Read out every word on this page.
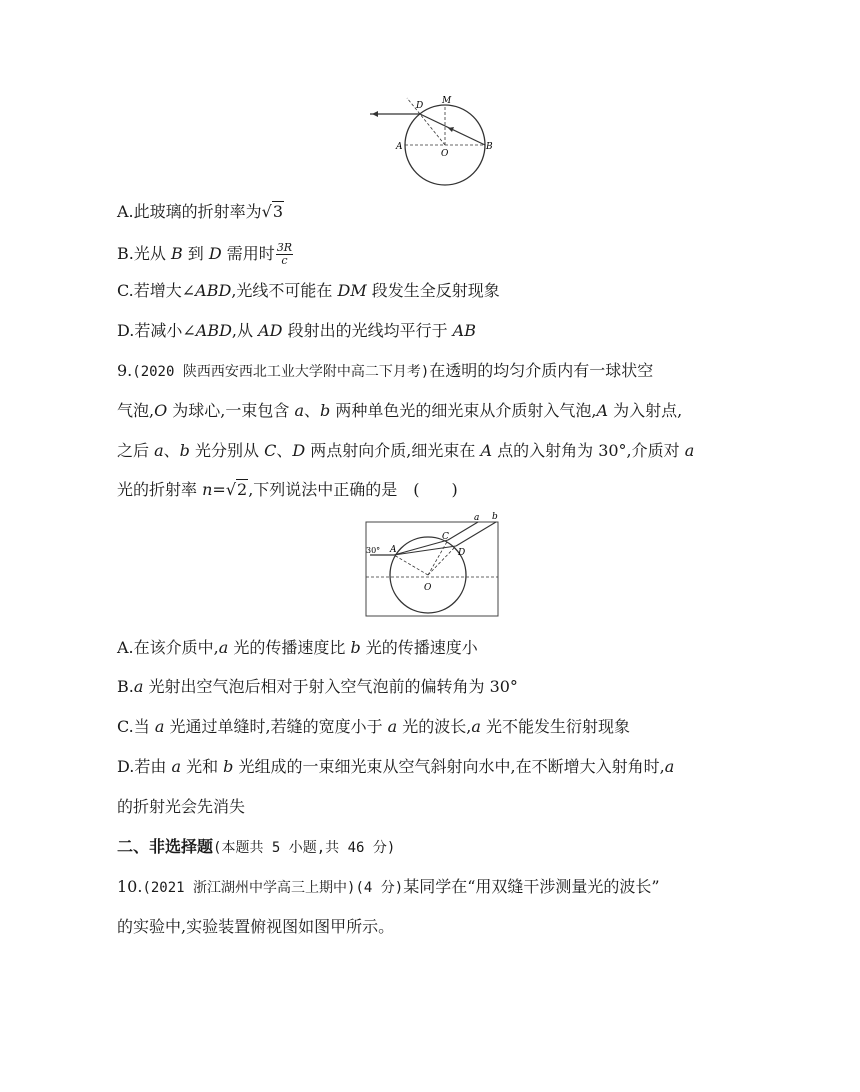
D M
A
O
B
A.此玻璃的折射率为√3
B.光从 B 到 D 需用时 $\frac{3R}{c}$
C.若增大∠ABD,光线不可能在 DM 段发生全反射现象
D.若减小∠ABD,从 AD 段射出的光线均平行于 AB
9.(2020 陕西西安西北工业大学附中高二下月考)在透明的均匀介质内有一球状空
气泡,O 为球心,一束包含 a、b 两种单色光的细光束从介质射入气泡,A 为入射点,
之后 a、b 光分别从 C、D 两点射向介质,细光束在 A 点的入射角为 30°,介质对 a
光的折射率 n=√2,下列说法中正确的是　(　　)
a b
C
D
A
O
30°
A.在该介质中,a 光的传播速度比 b 光的传播速度小
B.a 光射出空气泡后相对于射入空气泡前的偏转角为 30°
C.当 a 光通过单缝时,若缝的宽度小于 a 光的波长,a 光不能发生衍射现象
D.若由 a 光和 b 光组成的一束细光束从空气斜射向水中,在不断增大入射角时,a
的折射光会先消失
二、非选择题(本题共 5 小题,共 46 分)
10.(2021 浙江湖州中学高三上期中)(4 分)某同学在“用双缝干涉测量光的波长”
的实验中,实验装置俯视图如图甲所示。
